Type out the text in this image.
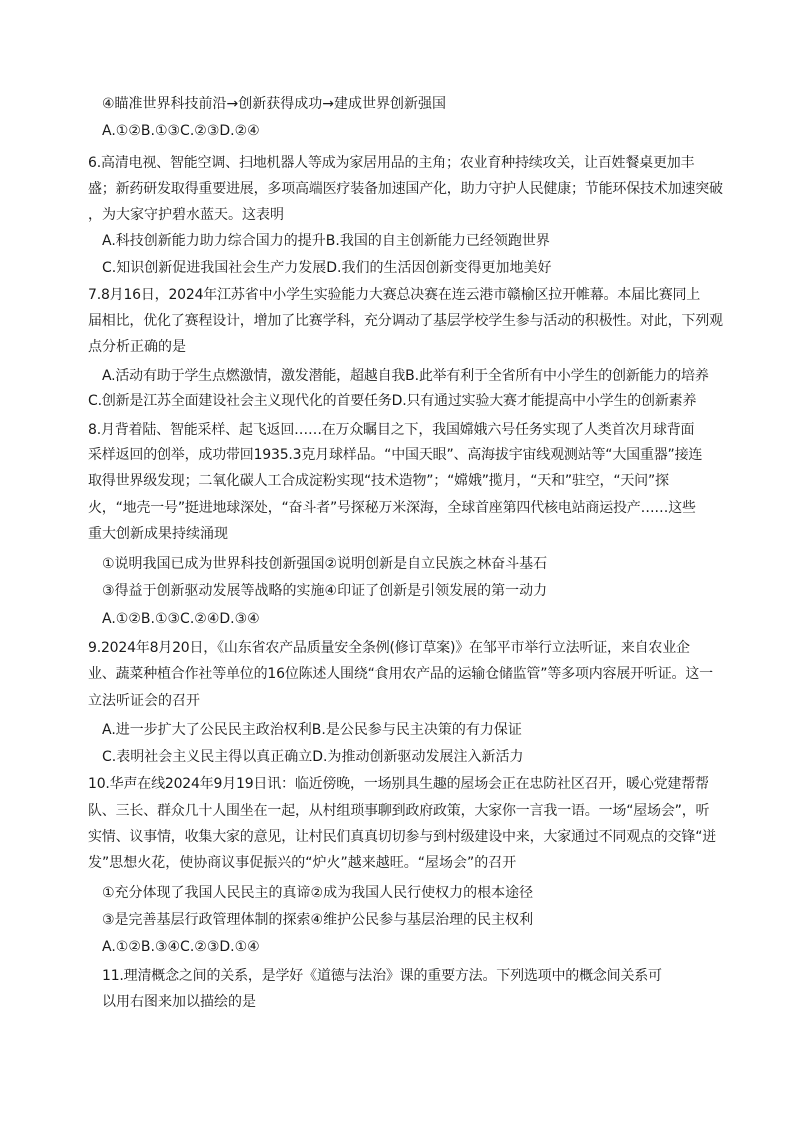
④瞄准世界科技前沿→创新获得成功→建成世界创新强国
A.①②B.①③C.②③D.②④
6.高清电视、智能空调、扫地机器人等成为家居用品的主角；农业育种持续攻关，让百姓餐桌更加丰
盛；新药研发取得重要进展，多项高端医疗装备加速国产化，助力守护人民健康；节能环保技术加速突破
，为大家守护碧水蓝天。这表明
A.科技创新能力助力综合国力的提升B.我国的自主创新能力已经领跑世界
C.知识创新促进我国社会生产力发展D.我们的生活因创新变得更加地美好
7.8月16日，2024年江苏省中小学生实验能力大赛总决赛在连云港市赣榆区拉开帷幕。本届比赛同上
届相比，优化了赛程设计，增加了比赛学科，充分调动了基层学校学生参与活动的积极性。对此，下列观
点分析正确的是
A.活动有助于学生点燃激情，激发潜能，超越自我B.此举有利于全省所有中小学生的创新能力的培养
C.创新是江苏全面建设社会主义现代化的首要任务D.只有通过实验大赛才能提高中小学生的创新素养
8.月背着陆、智能采样、起飞返回……在万众瞩目之下，我国嫦娥六号任务实现了人类首次月球背面
采样返回的创举，成功带回1935.3克月球样品。“中国天眼”、高海拔宇宙线观测站等“大国重器”接连
取得世界级发现；二氧化碳人工合成淀粉实现“技术造物”；“嫦娥”揽月，“天和”驻空，“天问”探
火，“地壳一号”挺进地球深处，“奋斗者”号探秘万米深海，全球首座第四代核电站商运投产……这些
重大创新成果持续涌现
①说明我国已成为世界科技创新强国②说明创新是自立民族之林奋斗基石
③得益于创新驱动发展等战略的实施④印证了创新是引领发展的第一动力
A.①②B.①③C.②④D.③④
9.2024年8月20日，《山东省农产品质量安全条例(修订草案)》在邹平市举行立法听证，来自农业企
业、蔬菜种植合作社等单位的16位陈述人围绕“食用农产品的运输仓储监管”等多项内容展开听证。这一
立法听证会的召开
A.进一步扩大了公民民主政治权利B.是公民参与民主决策的有力保证
C.表明社会主义民主得以真正确立D.为推动创新驱动发展注入新活力
10.华声在线2024年9月19日讯：临近傍晚，一场别具生趣的屋场会正在忠防社区召开，暖心党建帮帮
队、三长、群众几十人围坐在一起，从村组琐事聊到政府政策，大家你一言我一语。一场“屋场会”，听
实情、议事情，收集大家的意见，让村民们真真切切参与到村级建设中来，大家通过不同观点的交锋“迸
发”思想火花，使协商议事促振兴的“炉火”越来越旺。“屋场会”的召开
①充分体现了我国人民民主的真谛②成为我国人民行使权力的根本途径
③是完善基层行政管理体制的探索④维护公民参与基层治理的民主权利
A.①②B.③④C.②③D.①④
11.理清概念之间的关系，是学好《道德与法治》课的重要方法。下列选项中的概念间关系可
以用右图来加以描绘的是
